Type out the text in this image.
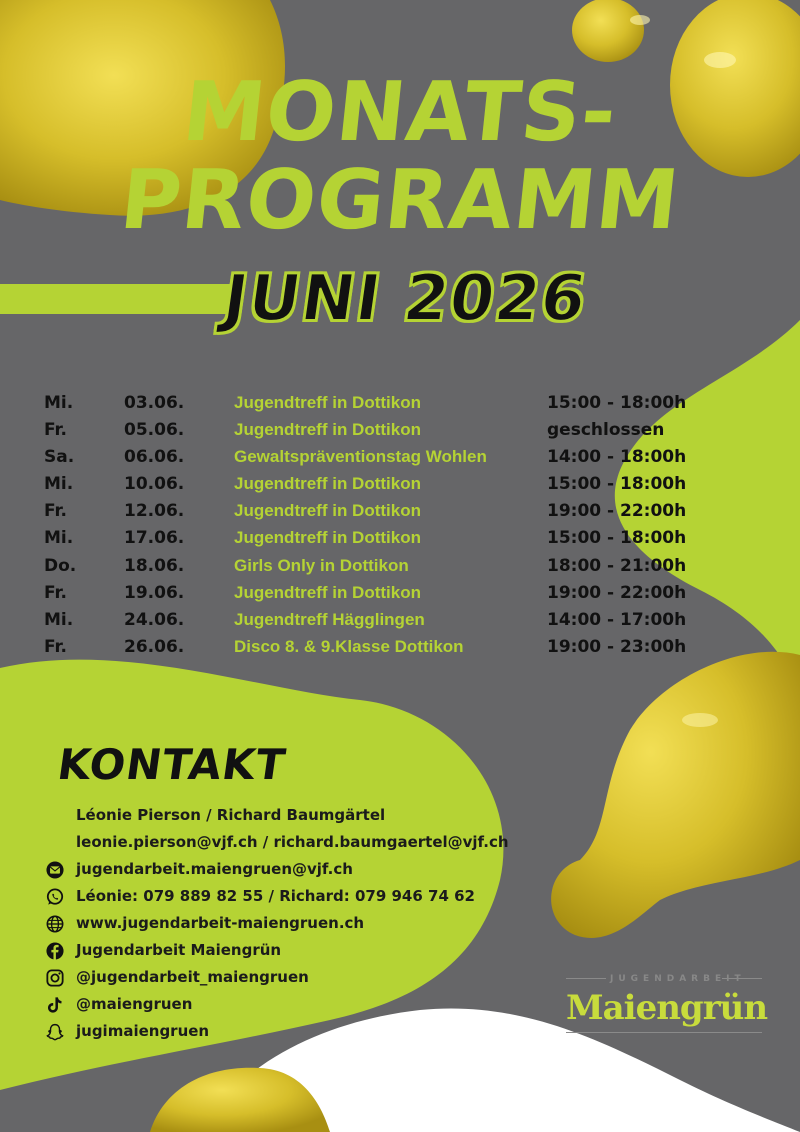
MONATS-
PROGRAMM
JUNI 2026
Mi.	03.06.	Jugendtreff in Dottikon	15:00 - 18:00h
Fr.	05.06.	Jugendtreff in Dottikon	geschlossen
Sa.	06.06.	Gewaltspräventionstag Wohlen	14:00 - 18:00h
Mi.	10.06.	Jugendtreff in Dottikon	15:00 - 18:00h
Fr.	12.06.	Jugendtreff in Dottikon	19:00 - 22:00h
Mi.	17.06.	Jugendtreff in Dottikon	15:00 - 18:00h
Do.	18.06.	Girls Only in Dottikon	18:00 - 21:00h
Fr.	19.06.	Jugendtreff in Dottikon	19:00 - 22:00h
Mi.	24.06.	Jugendtreff Hägglingen	14:00 - 17:00h
Fr.	26.06.	Disco 8. & 9.Klasse Dottikon	19:00 - 23:00h
KONTAKT
Léonie Pierson / Richard Baumgärtel
leonie.pierson@vjf.ch / richard.baumgaertel@vjf.ch
jugendarbeit.maiengruen@vjf.ch
Léonie: 079 889 82 55 / Richard: 079 946 74 62
www.jugendarbeit-maiengruen.ch
Jugendarbeit Maiengrün
@jugendarbeit_maiengruen
@maiengruen
jugimaiengruen
JUGENDARBEIT
Maiengrün
